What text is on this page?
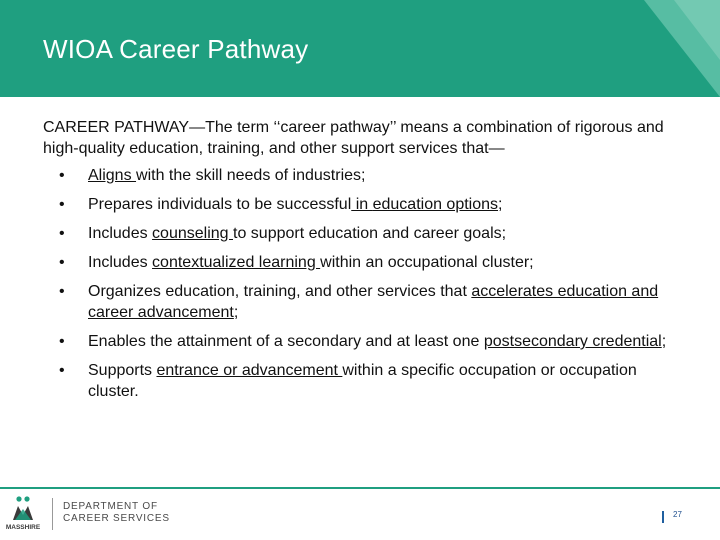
WIOA Career Pathway

CAREER PATHWAY—The term ‘‘career pathway’’ means a combination of rigorous and high-quality education, training, and other support services that—

• Aligns with the skill needs of industries;
• Prepares individuals to be successful in education options;
• Includes counseling to support education and career goals;
• Includes contextualized learning within an occupational cluster;
• Organizes education, training, and other services that accelerates education and career advancement;
• Enables the attainment of a secondary and at least one postsecondary credential;
• Supports entrance or advancement within a specific occupation or occupation cluster.
MASSHIRE
DEPARTMENT OF
CAREER SERVICES	27
